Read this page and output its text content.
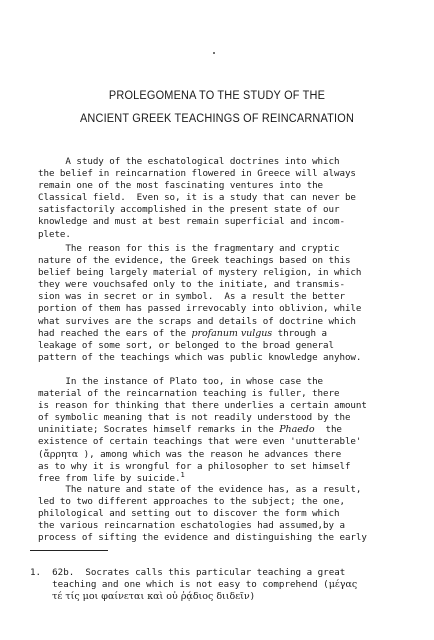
PROLEGOMENA TO THE STUDY OF THE
ANCIENT GREEK TEACHINGS OF REINCARNATION
A study of the eschatological doctrines into which
the belief in reincarnation flowered in Greece will always
remain one of the most fascinating ventures into the
Classical field.  Even so, it is a study that can never be
satisfactorily accomplished in the present state of our
knowledge and must at best remain superficial and incom-
plete.
The reason for this is the fragmentary and cryptic
nature of the evidence, the Greek teachings based on this
belief being largely material of mystery religion, in which
they were vouchsafed only to the initiate, and transmis-
sion was in secret or in symbol.  As a result the better
portion of them has passed irrevocably into oblivion, while
what survives are the scraps and details of doctrine which
had reached the ears of the profanum vulgus through a
leakage of some sort, or belonged to the broad general
pattern of the teachings which was public knowledge anyhow.
In the instance of Plato too, in whose case the
material of the reincarnation teaching is fuller, there
is reason for thinking that there underlies a certain amount
of symbolic meaning that is not readily understood by the
uninitiate; Socrates himself remarks in the Phaedo  the
existence of certain teachings that were even 'unutterable'
(ἄρρητα ), among which was the reason he advances there
as to why it is wrongful for a philosopher to set himself
free from life by suicide.$^1$
The nature and state of the evidence has, as a result,
led to two different approaches to the subject; the one,
philological and setting out to discover the form which
the various reincarnation eschatologies had assumed,by a
process of sifting the evidence and distinguishing the early
1.  62b.  Socrates calls this particular teaching a great
teaching and one which is not easy to comprehend (μέγας
τέ τίς μοι φαίνεται καὶ οὐ ῥᾴδιος διιδεῖν)
